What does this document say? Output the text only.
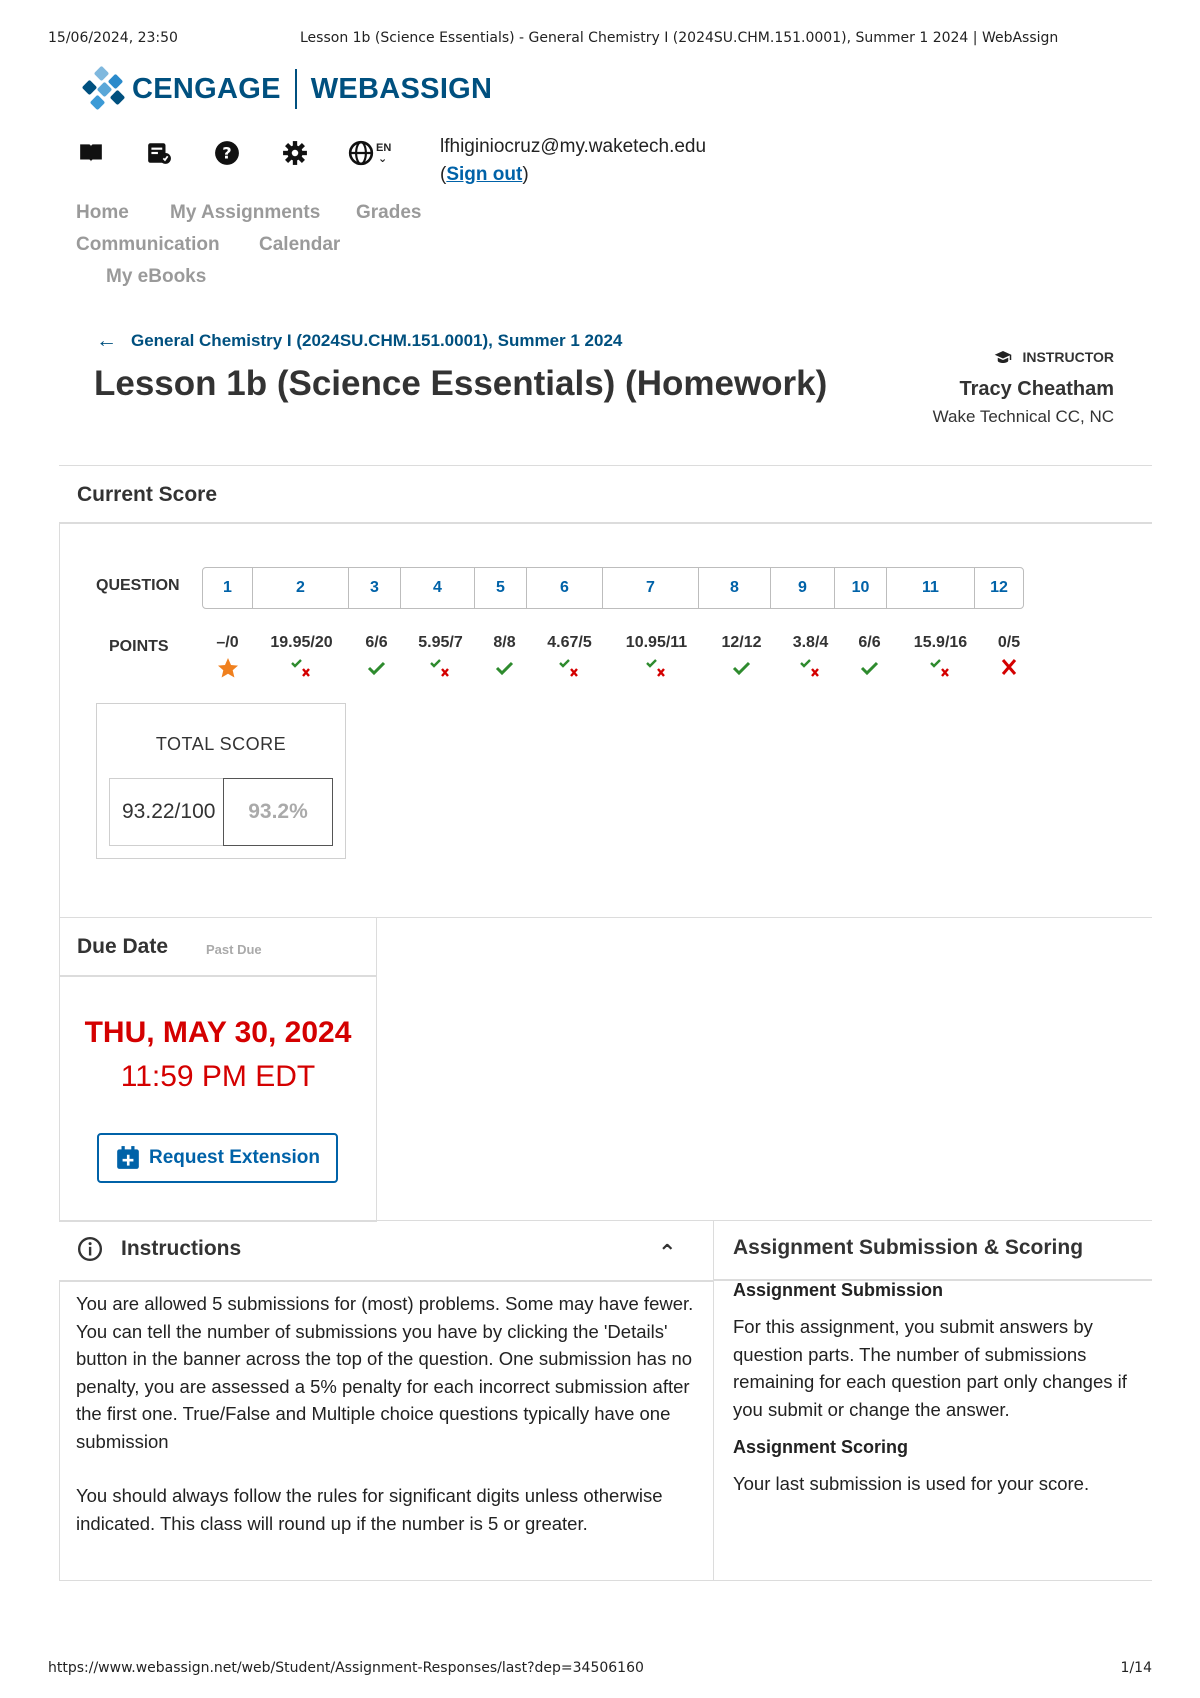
15/06/2024, 23:50	Lesson 1b (Science Essentials) - General Chemistry I (2024SU.CHM.151.0001), Summer 1 2024 | WebAssign
CENGAGE WEBASSIGN
?	EN
⌄
lfhiginiocruz@my.waketech.edu
(Sign out)
Home My Assignments Grades
Communication Calendar
My eBooks
← General Chemistry I (2024SU.CHM.151.0001), Summer 1 2024
Lesson 1b (Science Essentials) (Homework)
INSTRUCTOR
Tracy Cheatham
Wake Technical CC, NC
Current Score
QUESTION
POINTS
1	2	3	4	5	6	7	8	9	10	11	12
–/0 19.95/20 6/6 5.95/7 8/8 4.67/5 10.95/11 12/12 3.8/4 6/6 15.9/16 0/5
TOTAL SCORE
93.22/100	93.2%
Due Date	Past Due
THU, MAY 30, 2024
11:59 PM EDT
Request Extension
Instructions	⌃

You are allowed 5 submissions for (most) problems. Some may have fewer. You can tell the number of submissions you have by clicking the 'Details' button in the banner across the top of the question. One submission has no penalty, you are assessed a 5% penalty for each incorrect submission after the first one. True/False and Multiple choice questions typically have one submission

You should always follow the rules for significant digits unless otherwise indicated. This class will round up if the number is 5 or greater.

Assignment Submission & Scoring
Assignment Submission

For this assignment, you submit answers by question parts. The number of submissions remaining for each question part only changes if you submit or change the answer.

Assignment Scoring

Your last submission is used for your score.

https://www.webassign.net/web/Student/Assignment-Responses/last?dep=34506160	1/14
